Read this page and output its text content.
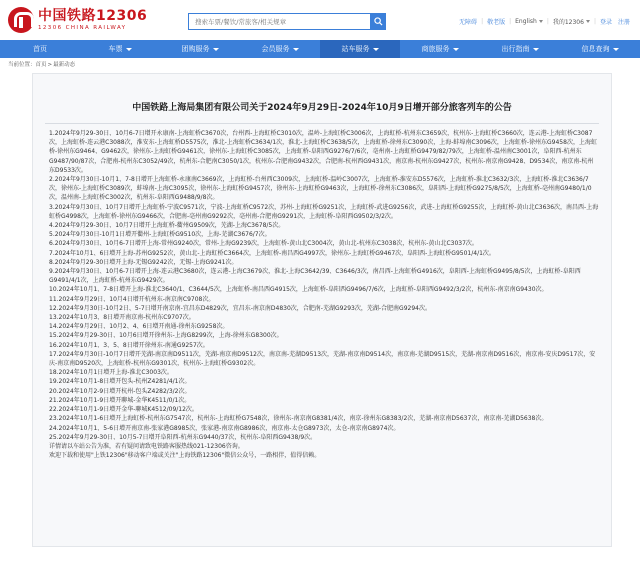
中国铁路12306
12306 CHINA RAILWAY
搜索车票/餐饮/常旅客/相关规章
无障碍 | 敬老版 | English | 我的12306 | 登录 注册
首页	车票	团购服务	会员服务	站车服务	商旅服务	出行指南	信息查询
当前位置：首页>最新动态
中国铁路上海局集团有限公司关于2024年9月29日-2024年10月9日增开部分旅客列车的公告

1.2024年9月29-30日、10月6-7日增开永康南-上海虹桥C3670次，台州西-上海虹桥C3010次，温岭-上海虹桥C3006次，上海虹桥-杭州东C3659次，杭州东-上海虹桥C3660次，连云港-上海虹桥C3087次，上海虹桥-连云港C3088次，淮安东-上海虹桥D5575次，淮北-上海虹桥C3634/1次，淮北-上海虹桥C3638/5次，上海虹桥-徐州东C3090次，上海-蚌埠南C3096次，上海虹桥-徐州东G9458次，上海虹桥-徐州东G9464、G9462次，徐州东-上海虹桥G9461次，徐州东-上海虹桥C3085次，上海虹桥-阜阳西G9276/7/6次，亳州南-上海虹桥G9479/82/79次，上海虹桥-温州南C3001次，阜阳西-杭州东G9487/90/87次，合肥南-杭州东C3052/49次，杭州东-合肥南C3050/1次，杭州东-合肥南G9432次，合肥南-杭州西G9431次，南京南-杭州东G9427次，杭州东-南京南G9428、D9534次，南京南-杭州东D9533次。

2.2024年9月30日-10月1、7-8日增开上海虹桥-永康南C3669次，上海虹桥-台州西C3009次，上海虹桥-温岭C3007次，上海虹桥-淮安东D5576次，上海虹桥-淮北C3632/3次，上海虹桥-淮北C3636/7次，徐州东-上海虹桥C3089次，蚌埠南-上海C3095次，徐州东-上海虹桥G9457次，徐州东-上海虹桥G9463次，上海虹桥-徐州东C3086次，阜阳西-上海虹桥G9275/8/5次，上海虹桥-亳州南G9480/1/0次，温州南-上海虹桥C3002次，杭州东-阜阳西G9488/9/8次。

3.2024年9月30日、10月7日增开上海虹桥-宁波C9571次，宁波-上海虹桥C9572次，苏州-上海虹桥G9251次，上海虹桥-武进G9256次，武进-上海虹桥G9255次，上海虹桥-黄山北C3636次，南昌西-上海虹桥G4998次，上海虹桥-徐州东G9466次，合肥南-亳州南G9292次，亳州南-合肥南G9291次，上海虹桥-阜阳西G9502/3/2次。

4.2024年9月29-30日、10月7日增开上海虹桥-衢州G9509次，芜湖-上海C3678/5次。

5.2024年9月30日-10月1日增开衢州-上海虹桥G9510次，上海-芜湖C3676/7次。

6.2024年9月30日、10月6-7日增开上海-常州G9240次，常州-上海G9239次，上海虹桥-黄山北C3004次，黄山北-杭州东C3038次，杭州东-黄山北C3037次。

7.2024年10月1、6日增开上海-苏州G9252次，黄山北-上海虹桥C3664次，上海虹桥-南昌西G4997次，徐州东-上海虹桥G9467次，阜阳西-上海虹桥G9501/4/1次。

8.2024年9月29-30日增开上海-无锡G9242次，无锡-上海G9241次。

9.2024年9月30日、10月6-7日增开上海-连云港C3680次，连云港-上海C3679次，淮北-上海C3642/39、C3646/3次，南昌西-上海虹桥G4916次，阜阳西-上海虹桥G9495/8/5次，上海虹桥-阜阳西G9491/4/1次，上海虹桥-杭州东G9429次。

10.2024年10月1、7-8日增开上海-淮北C3640/1、C3644/5次，上海虹桥-南昌西G4915次，上海虹桥-阜阳西G9496/7/6次，上海虹桥-阜阳西G9492/3/2次，杭州东-南京南G9430次。

11.2024年9月29日、10月4日增开杭州东-南京南C9708次。

12.2024年9月30日-10月2日、5-7日增开南京南-宜昌东D4829次，宜昌东-南京南D4830次，合肥南-芜湖G9293次，芜湖-合肥南G9294次。

13.2024年10月3、8日增开南京南-杭州东C9707次。

14.2024年9月29日、10月2、4、6日增开南通-徐州东G9258次。

15.2024年9月29-30日、10月6日增开徐州东-上海G8299次，上海-徐州东G8300次。

16.2024年10月1、3、5、8日增开徐州东-南通G9257次。

17.2024年9月30日-10月7日增开芜湖-南京南D9511次，芜湖-南京南D9512次，南京南-芜湖D9513次，芜湖-南京南D9514次，南京南-芜湖D9515次，芜湖-南京南D9516次，南京南-安庆D9517次，安庆-南京南D9520次，上海虹桥-杭州东G9301次，杭州东-上海虹桥G9302次。

18.2024年10月1日增开上海-淮北C3003次。

19.2024年10月1-8日增开包头-杭州Z4281/4/1次。

20.2024年10月2-9日增开杭州-包头Z4282/3/2次。

21.2024年10月1-9日增开聊城-金华K4511/0/1次。

22.2024年10月1-9日增开金华-聊城K4512/09/12次。

23.2024年10月1-6日增开上海虹桥-杭州东G7547次，杭州东-上海虹桥G7548次，徐州东-南京南G8381/4次，南京-徐州东G8383/2次，芜湖-南京南D5637次，南京南-芜湖D5638次。

24.2024年10月1、5-6日增开南京南-张家港G8985次，张家港-南京南G8986次，南京南-太仓G8973次，太仓-南京南G8974次。

25.2024年9月29-30日、10月5-7日增开阜阳西-杭州东G9440/37次，杭州东-阜阳西G9438/9次。

详情请以车站公告为准，若有疑问请致电铁路客服热线021-12306咨询。

欢迎下载和使用"上铁12306"移动客户端或关注"上海铁路12306"微信公众号，一路相伴，值得信赖。
